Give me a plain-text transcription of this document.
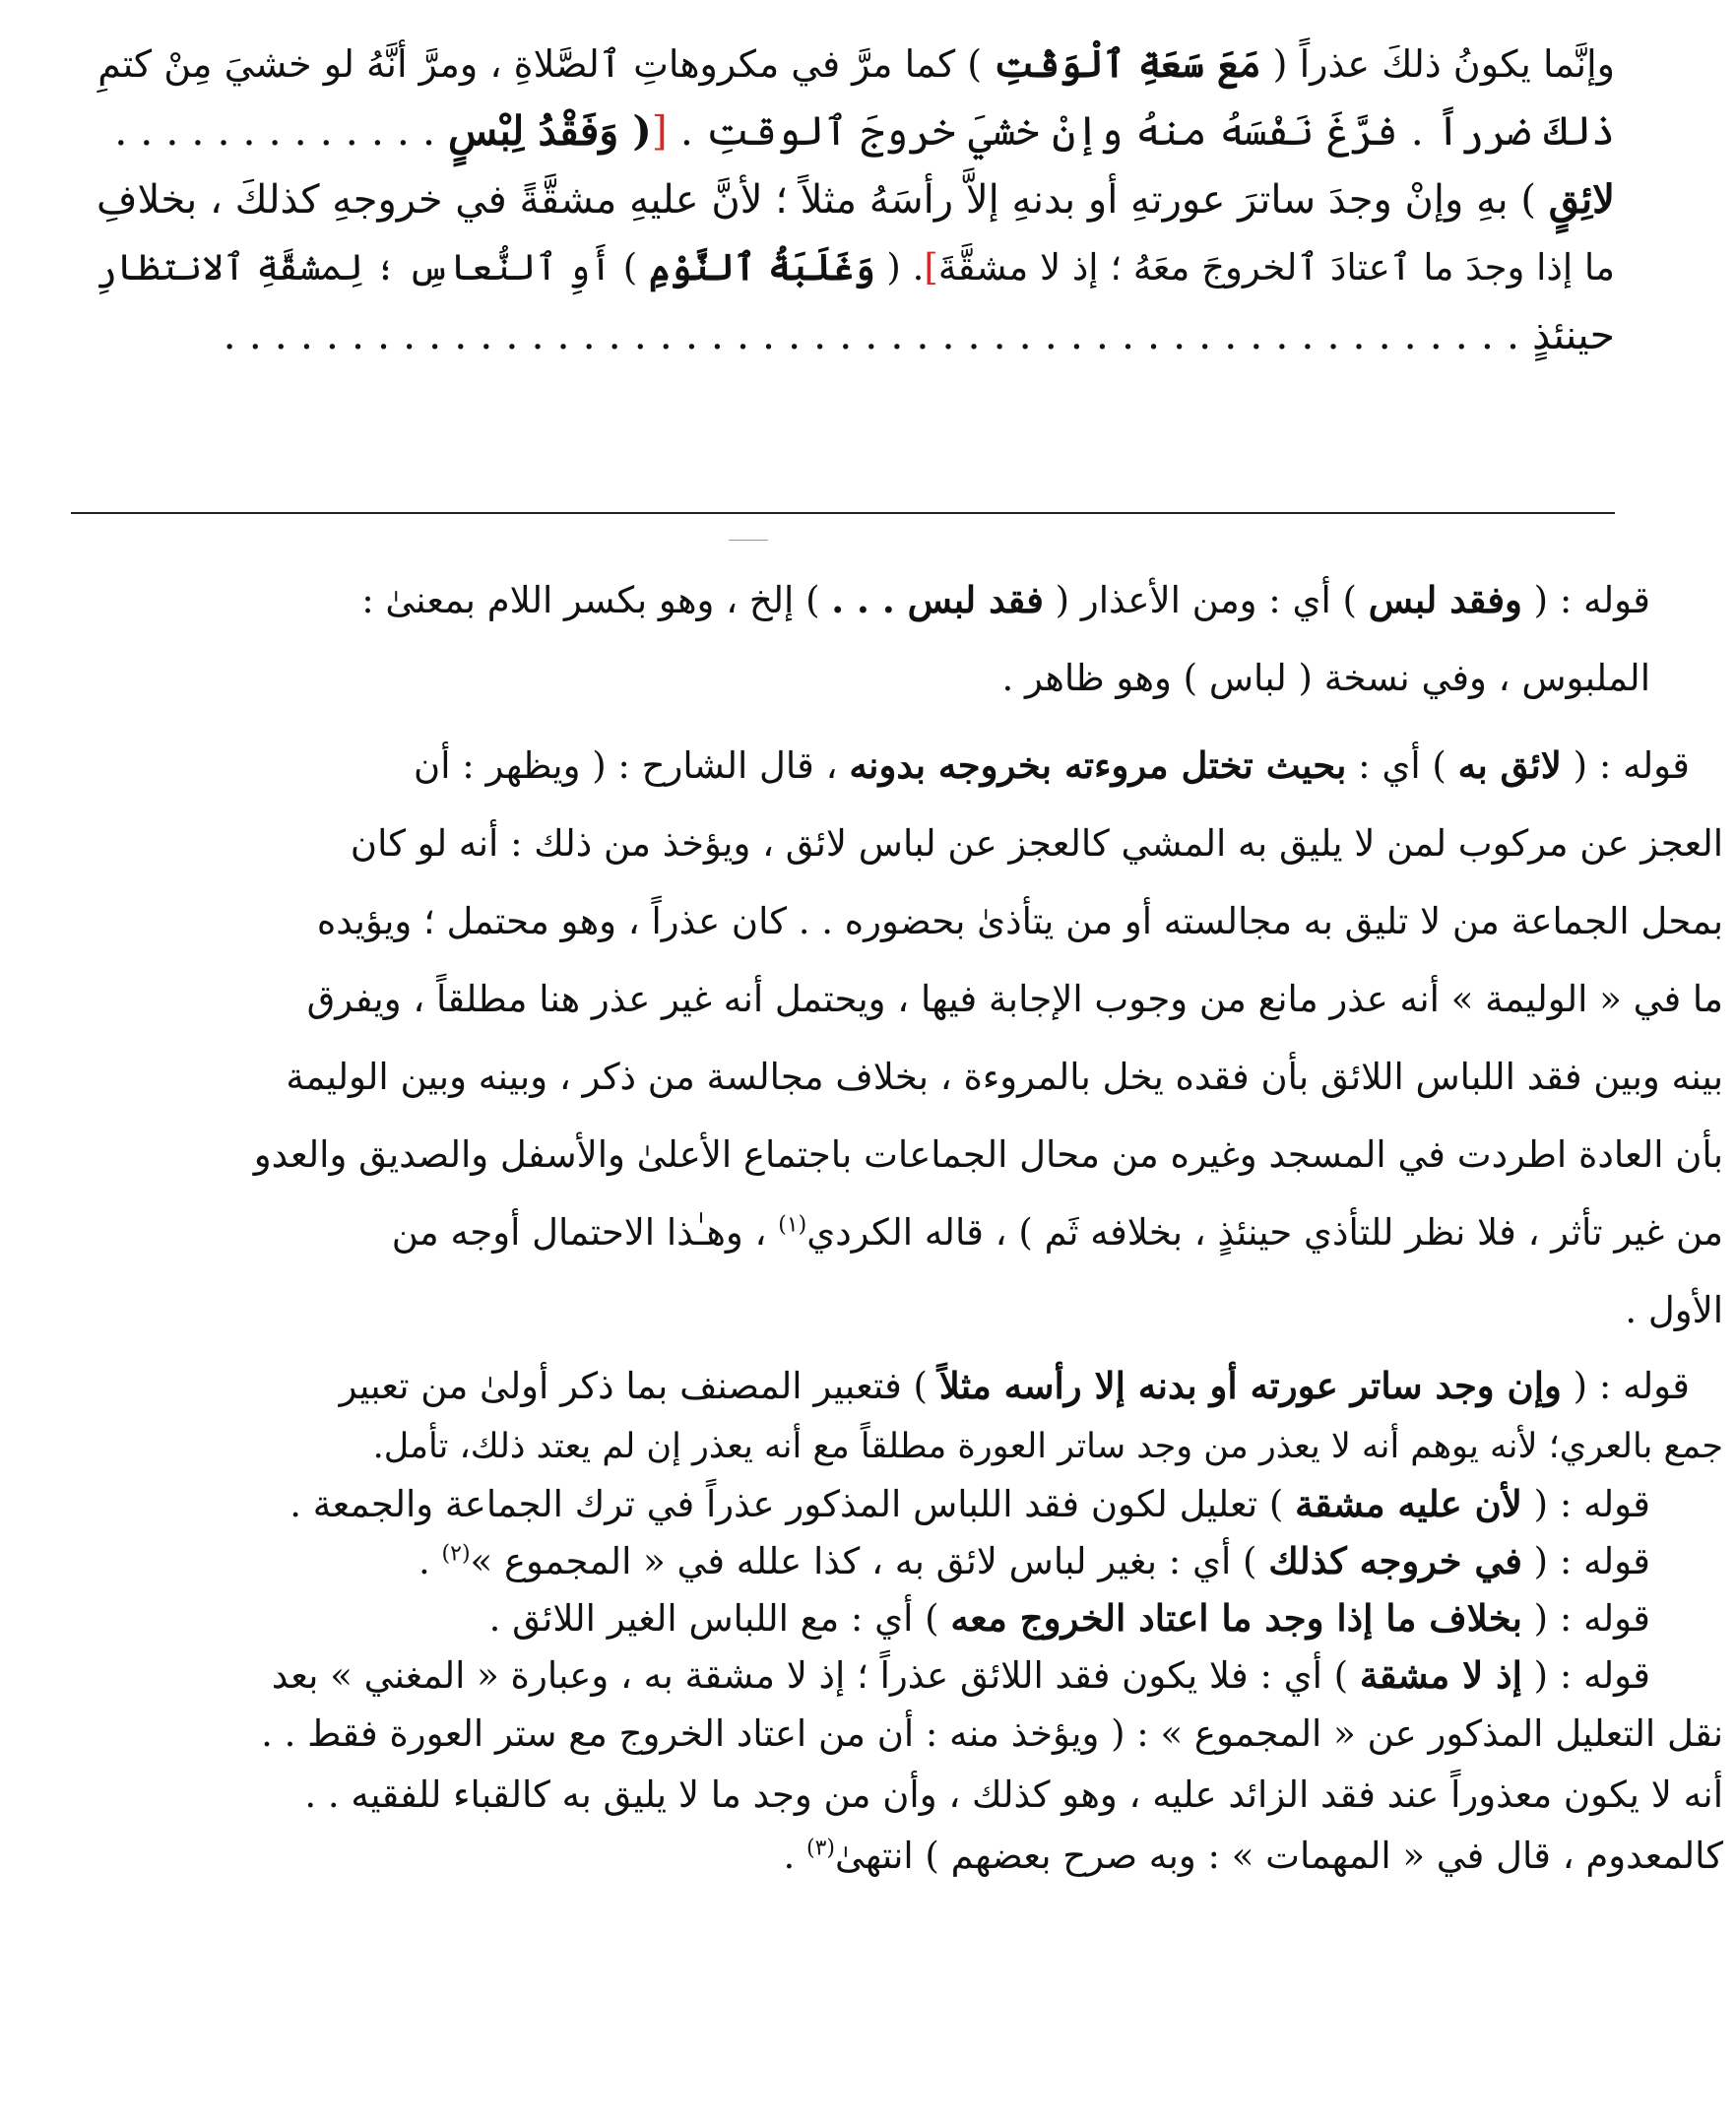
وإنَّما يكونُ ذلكَ عذراً ( مَعَ سَعَةِ ٱلْوَقْتِ ) كما مرَّ في مكروهاتِ ٱلصَّلاةِ ، ومرَّ أنَّهُ لو خشيَ مِنْ كتمِ
ذلكَ ضرراً . فرَّغَ نَفْسَهُ منهُ وإنْ خشيَ خروجَ ٱلوقتِ . [( وَفَقْدُ لِبْسٍ . . . . . . . . . . . . .
لائِقٍ ) بهِ وإنْ وجدَ ساترَ عورتهِ أو بدنهِ إلاَّ رأسَهُ مثلاً ؛ لأنَّ عليهِ مشقَّةً في خروجهِ كذلكَ ، بخلافِ
ما إذا وجدَ ما ٱعتادَ ٱلخروجَ معَهُ ؛ إذ لا مشقَّةَ]. ( وَغَلَبَةُ ٱلنَّوْمِ ) أَوِ ٱلنُّعاسِ ؛ لِمشقَّةِ ٱلانتظارِ
حينئذٍ . . . . . . . . . . . . . . . . . . . . . . . . . . . . . . . . . . . . . . . . . . . . . . . . . . .
قوله : ( وفقد لبس ) أي : ومن الأعذار ( فقد لبس . . . ) إلخ ، وهو بكسر اللام بمعنىٰ :
الملبوس ، وفي نسخة ( لباس ) وهو ظاهر .
قوله : ( لائق به ) أي : بحيث تختل مروءته بخروجه بدونه ، قال الشارح : ( ويظهر : أن
العجز عن مركوب لمن لا يليق به المشي كالعجز عن لباس لائق ، ويؤخذ من ذلك : أنه لو كان
بمحل الجماعة من لا تليق به مجالسته أو من يتأذىٰ بحضوره . . كان عذراً ، وهو محتمل ؛ ويؤيده
ما في « الوليمة » أنه عذر مانع من وجوب الإجابة فيها ، ويحتمل أنه غير عذر هنا مطلقاً ، ويفرق
بينه وبين فقد اللباس اللائق بأن فقده يخل بالمروءة ، بخلاف مجالسة من ذكر ، وبينه وبين الوليمة
بأن العادة اطردت في المسجد وغيره من محال الجماعات باجتماع الأعلىٰ والأسفل والصديق والعدو
من غير تأثر ، فلا نظر للتأذي حينئذٍ ، بخلافه ثَم ) ، قاله الكردي$^{(١)}$ ، وهـٰذا الاحتمال أوجه من
الأول .
قوله : ( وإن وجد ساتر عورته أو بدنه إلا رأسه مثلاً ) فتعبير المصنف بما ذكر أولىٰ من تعبير
جمع بالعري؛ لأنه يوهم أنه لا يعذر من وجد ساتر العورة مطلقاً مع أنه يعذر إن لم يعتد ذلك، تأمل.
قوله : ( لأن عليه مشقة ) تعليل لكون فقد اللباس المذكور عذراً في ترك الجماعة والجمعة .
قوله : ( في خروجه كذلك ) أي : بغير لباس لائق به ، كذا علله في « المجموع »$^{(٢)}$ .
قوله : ( بخلاف ما إذا وجد ما اعتاد الخروج معه ) أي : مع اللباس الغير اللائق .
قوله : ( إذ لا مشقة ) أي : فلا يكون فقد اللائق عذراً ؛ إذ لا مشقة به ، وعبارة « المغني » بعد
نقل التعليل المذكور عن « المجموع » : ( ويؤخذ منه : أن من اعتاد الخروج مع ستر العورة فقط . .
أنه لا يكون معذوراً عند فقد الزائد عليه ، وهو كذلك ، وأن من وجد ما لا يليق به كالقباء للفقيه . .
كالمعدوم ، قال في « المهمات » : وبه صرح بعضهم ) انتهىٰ$^{(٣)}$ .
